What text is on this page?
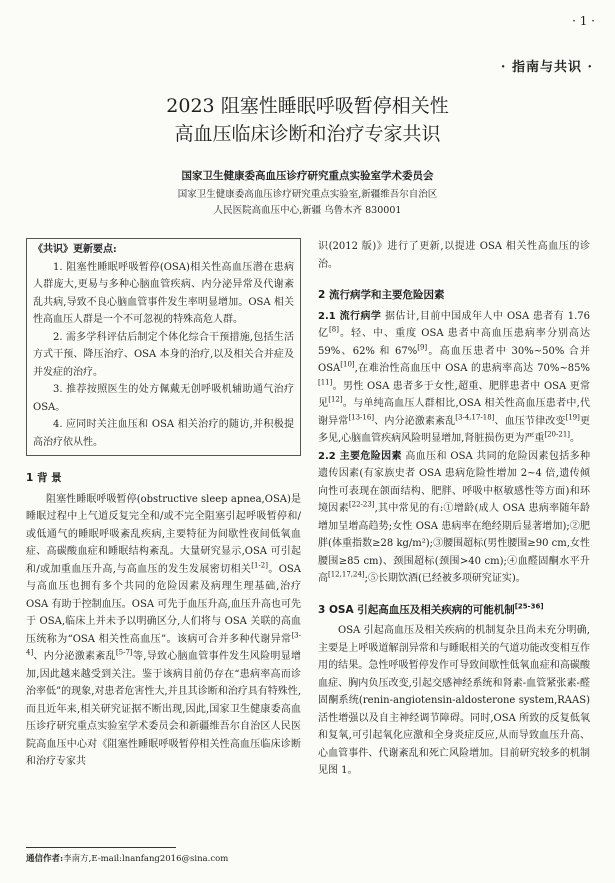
· 1 ·
· 指南与共识 ·
2023 阻塞性睡眠呼吸暂停相关性
高血压临床诊断和治疗专家共识
国家卫生健康委高血压诊疗研究重点实验室学术委员会
国家卫生健康委高血压诊疗研究重点实验室,新疆维吾尔自治区
人民医院高血压中心,新疆 乌鲁木齐 830001
《共识》更新要点:

1. 阻塞性睡眠呼吸暂停(OSA)相关性高血压潜在患病人群庞大,更易与多种心脑血管疾病、内分泌异常及代谢紊乱共病,导致不良心脑血管事件发生率明显增加。OSA 相关性高血压人群是一个不可忽视的特殊高危人群。

2. 需多学科评估后制定个体化综合干预措施,包括生活方式干预、降压治疗、OSA 本身的治疗,以及相关合并症及并发症的治疗。

3. 推荐按照医生的处方佩戴无创呼吸机辅助通气治疗 OSA。

4. 应同时关注血压和 OSA 相关治疗的随访,并积极提高治疗依从性。

1 背 景

阻塞性睡眠呼吸暂停(obstructive sleep apnea,OSA)是睡眠过程中上气道反复完全和/或不完全阻塞引起呼吸暂停和/或低通气的睡眠呼吸紊乱疾病,主要特征为间歇性夜间低氧血症、高碳酸血症和睡眠结构紊乱。大量研究显示,OSA 可引起和/或加重血压升高,与高血压的发生发展密切相关[1-2]。OSA 与高血压也拥有多个共同的危险因素及病理生理基础,治疗 OSA 有助于控制血压。OSA 可先于血压升高,血压升高也可先于 OSA,临床上并未予以明确区分,人们将与 OSA 关联的高血压统称为“OSA 相关性高血压”。该病可合并多种代谢异常[3-4]、内分泌激素紊乱[5-7]等,导致心脑血管事件发生风险明显增加,因此越来越受到关注。鉴于该病目前仍存在“患病率高而诊治率低”的现象,对患者危害性大,并且其诊断和治疗具有特殊性,而且近年来,相关研究证据不断出现,因此,国家卫生健康委高血压诊疗研究重点实验室学术委员会和新疆维吾尔自治区人民医院高血压中心对《阻塞性睡眠呼吸暂停相关性高血压临床诊断和治疗专家共

识(2012 版)》进行了更新,以提进 OSA 相关性高血压的诊治。

2 流行病学和主要危险因素

2.1 流行病学 据估计,目前中国成年人中 OSA 患者有 1.76 亿[8]。轻、中、重度 OSA 患者中高血压患病率分别高达 59%、62% 和 67%[9]。高血压患者中 30%~50% 合并 OSA[10],在难治性高血压中 OSA 的患病率高达 70%~85%[11]。男性 OSA 患者多于女性,超重、肥胖患者中 OSA 更常见[12]。与单纯高血压人群相比,OSA 相关性高血压患者中,代谢异常[13-16]、内分泌激素紊乱[3-4,17-18]、血压节律改变[19]更多见,心脑血管疾病风险明显增加,肾脏损伤更为严重[20-21]。

2.2 主要危险因素 高血压和 OSA 共同的危险因素包括多种遗传因素(有家族史者 OSA 患病危险性增加 2~4 倍,遗传倾向性可表现在颌面结构、肥胖、呼吸中枢敏感性等方面)和环境因素[22-23],其中常见的有:①增龄(成人 OSA 患病率随年龄增加呈增高趋势;女性 OSA 患病率在绝经期后显著增加);②肥胖(体重指数≥28 kg/m²);③腰围超标(男性腰围≥90 cm,女性腰围≥85 cm)、颈围超标(颈围>40 cm);④血醛固酮水平升高[12,17,24];⑤长期饮酒(已经被多项研究证实)。

3 OSA 引起高血压及相关疾病的可能机制[25-36]

OSA 引起高血压及相关疾病的机制复杂且尚未充分明确,主要是上呼吸道解剖异常和与睡眠相关的气道功能改变相互作用的结果。急性呼吸暂停发作可导致间歇性低氧血症和高碳酸血症、胸内负压改变,引起交感神经系统和肾素-血管紧张素-醛固酮系统(renin-angiotensin-aldosterone system,RAAS)活性增强以及自主神经调节障碍。同时,OSA 所致的反复低氧和复氧,可引起氧化应激和全身炎症反应,从而导致血压升高、心血管事件、代谢紊乱和死亡风险增加。目前研究较多的机制见图 1。

通信作者:李南方,E-mail:lnanfang2016@sina.com
